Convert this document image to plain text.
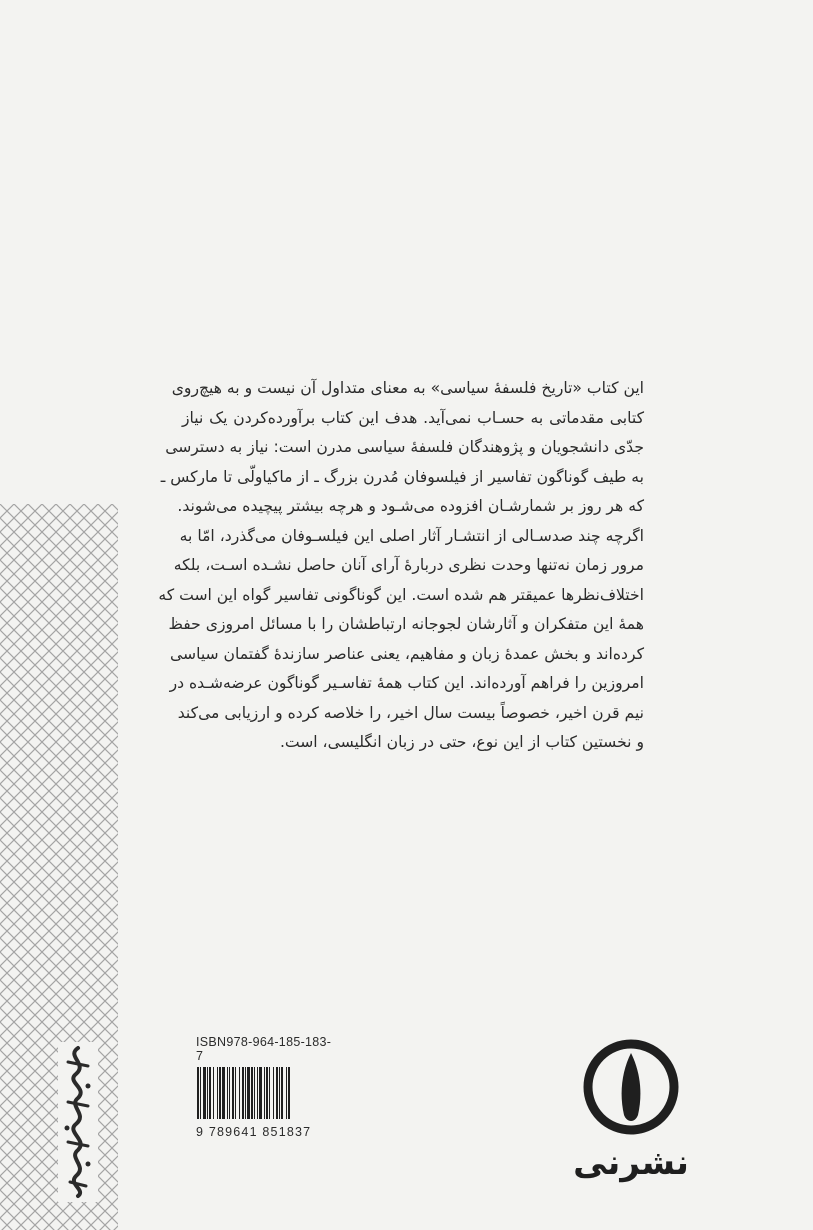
این کتاب «تاریخ فلسفهٔ سیاسی» به معنای متداول آن نیست و به هیچ‌روی

کتابی مقدماتی به حسـاب نمی‌آید. هدف این کتاب برآورده‌کردن یک نیاز

جدّی دانشجویان و پژوهندگان فلسفهٔ سیاسی مدرن است: نیاز به دسترسی

به طیف گوناگون تفاسیر از فیلسوفان مُدرن بزرگ ـ از ماکیاولّی تا مارکس ـ

که هر روز بر شمارشـان افزوده می‌شـود و هرچه بیشتر پیچیده می‌شوند.

اگرچه چند صدسـالی از انتشـار آثار اصلی این فیلسـوفان می‌گذرد، امّا به

مرور زمان نه‌تنها وحدت نظری دربارهٔ آرای آنان حاصل نشـده اسـت، بلکه

اختلاف‌نظرها عمیقتر هم شده است. این گوناگونی تفاسیر گواه این است که

همهٔ این متفکران و آثارشان لجوجانه ارتباطشان را با مسائل امروزی حفظ

کرده‌اند و بخش عمدهٔ زبان و مفاهیم، یعنی عناصر سازندهٔ گفتمان سیاسی

امروزین را فراهم آورده‌اند. این کتاب همهٔ تفاسـیر گوناگون عرضه‌شـده در

نیم قرن اخیر، خصوصاً بیست سال اخیر، را خلاصه کرده و ارزیابی می‌کند

و نخستین کتاب از این نوع، حتی در زبان انگلیسی، است.

ISBN978-964-185-183-7
9 789641 851837
نشرنی
